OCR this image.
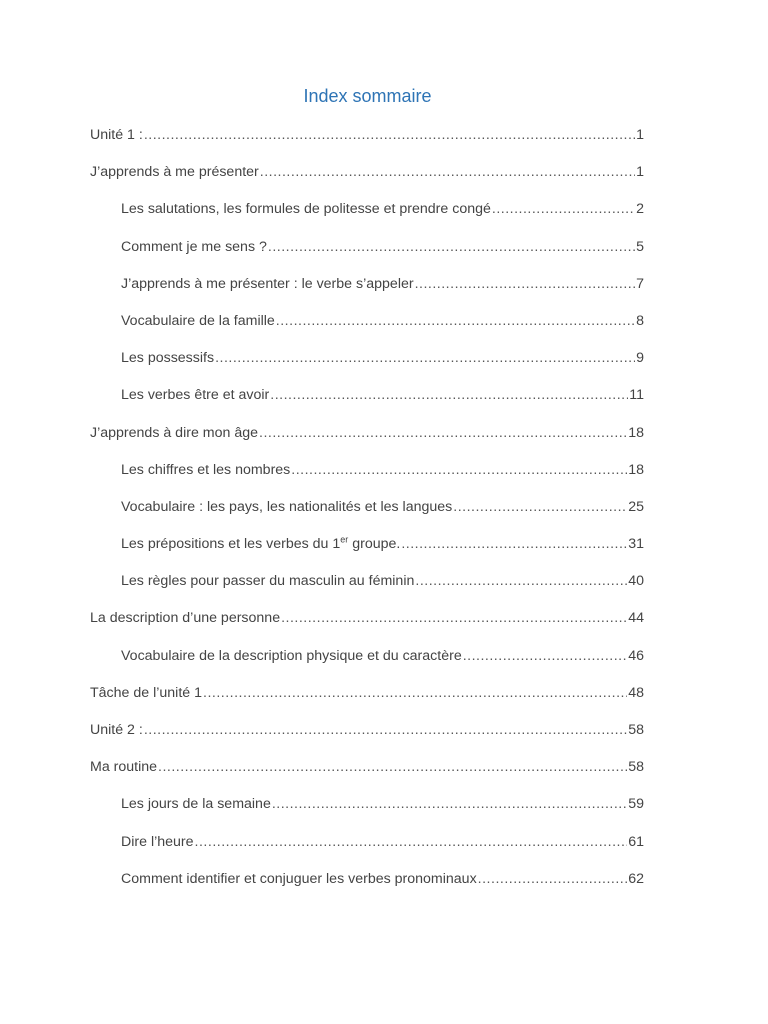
Index sommaire
Unité 1 : .....	1
J’apprends à me présenter .....	1
Les salutations, les formules de politesse et prendre congé .....	2
Comment je me sens ? .....	5
J’apprends à me présenter : le verbe s’appeler .....	7
Vocabulaire de la famille .....	8
Les possessifs .....	9
Les verbes être et avoir .....	11
J’apprends à dire mon âge .....	18
Les chiffres et les nombres .....	18
Vocabulaire : les pays, les nationalités et les langues .....	25
Les prépositions et les verbes du 1er groupe. .....	31
Les règles pour passer du masculin au féminin .....	40
La description d’une personne .....	44
Vocabulaire de la description physique et du caractère .....	46
Tâche de l’unité 1 .....	48
Unité 2 : .....	58
Ma routine .....	58
Les jours de la semaine .....	59
Dire l’heure .....	61
Comment identifier et conjuguer les verbes pronominaux .....	62
